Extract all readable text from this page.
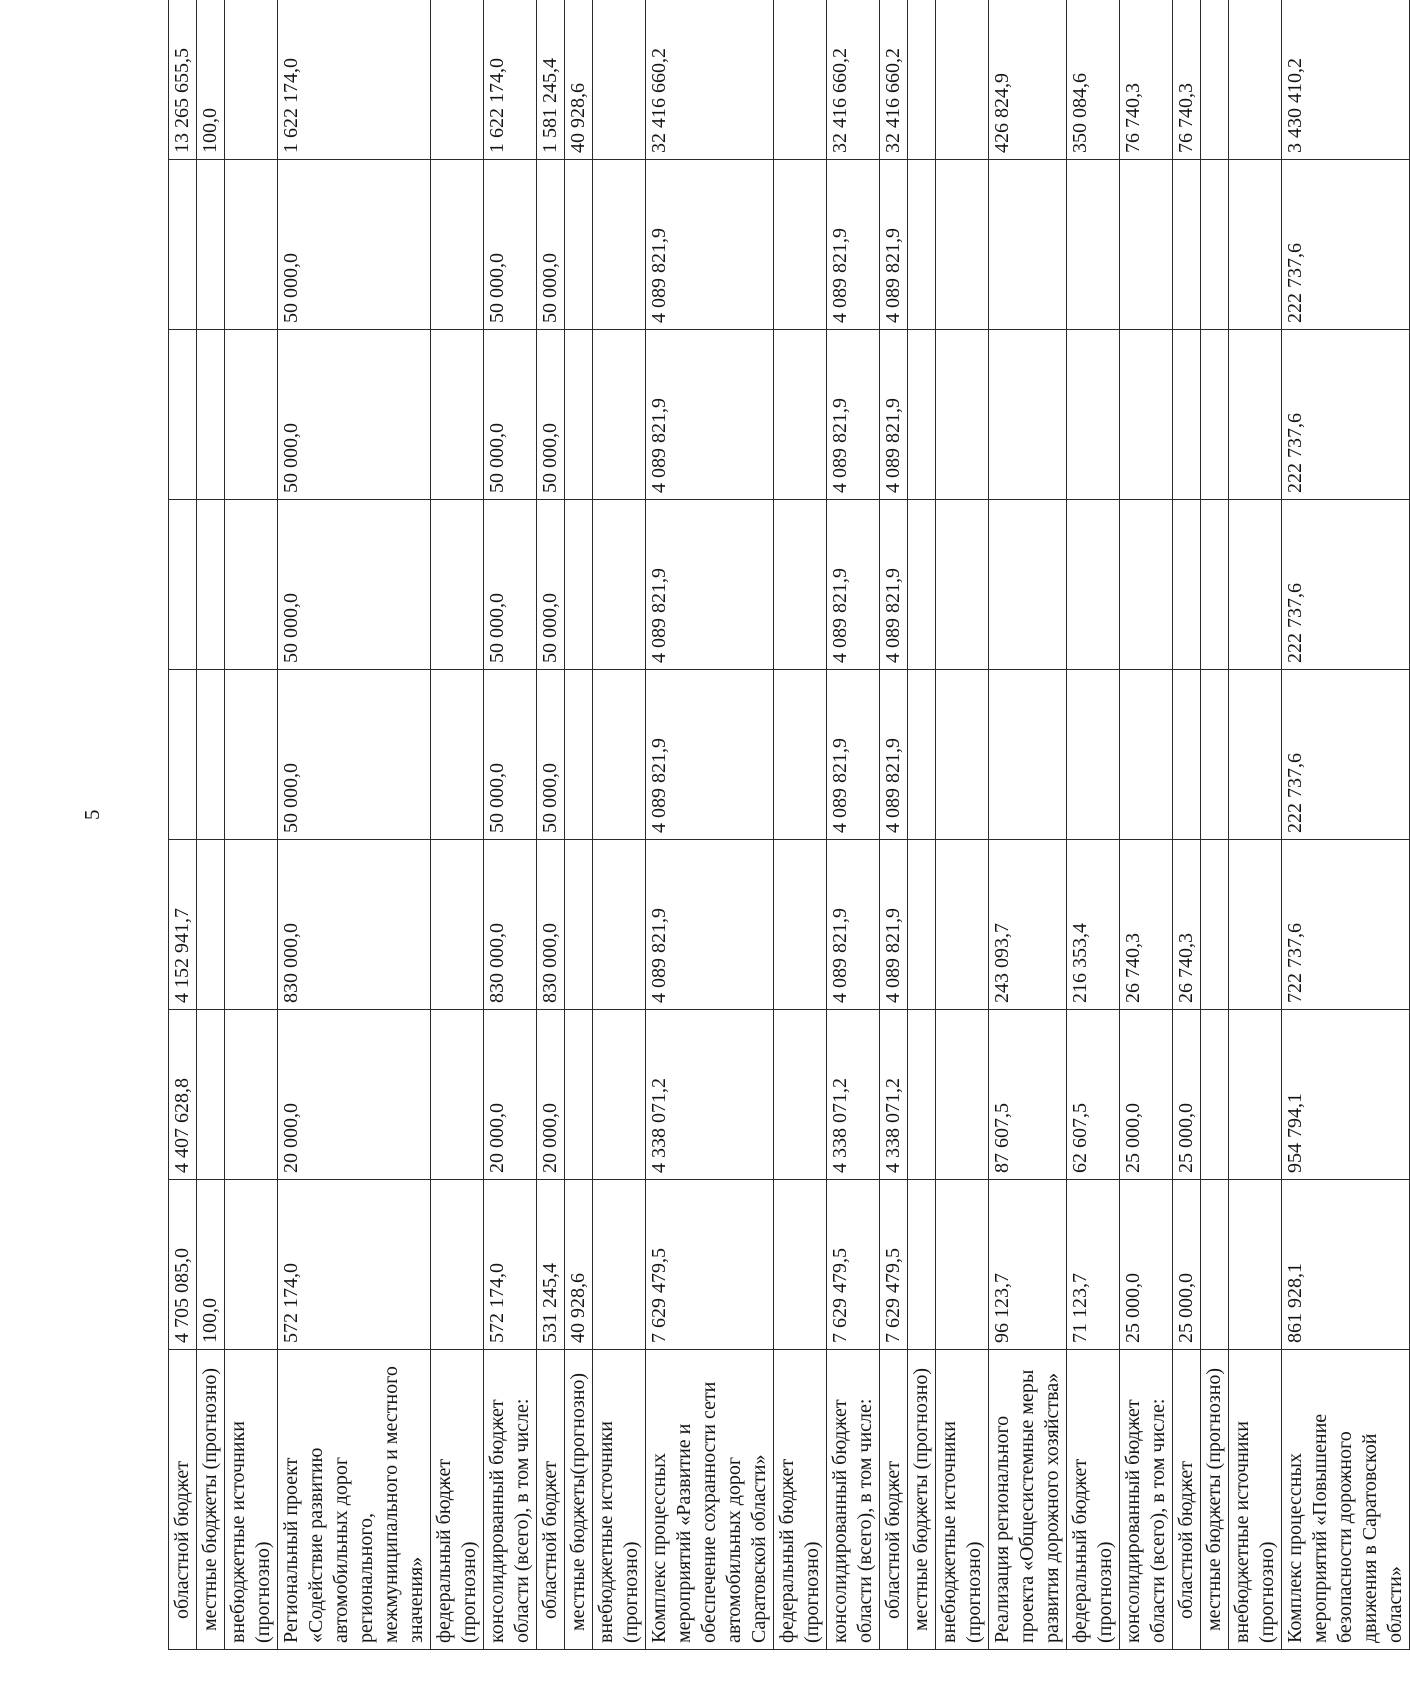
5
областной бюджет	4 705 085,0	4 407 628,8	4 152 941,7					13 265 655,5
местные бюджеты (прогнозно)	100,0							100,0
внебюджетные источники (прогнозно)								
Региональный проект «Содействие развитию автомобильных дорог регионального, межмуниципального и местного значения»	572 174,0	20 000,0	830 000,0	50 000,0	50 000,0	50 000,0	50 000,0	1 622 174,0
федеральный бюджет (прогнозно)								
консолидированный бюджет области (всего), в том числе:	572 174,0	20 000,0	830 000,0	50 000,0	50 000,0	50 000,0	50 000,0	1 622 174,0
областной бюджет	531 245,4	20 000,0	830 000,0	50 000,0	50 000,0	50 000,0	50 000,0	1 581 245,4
местные бюджеты(прогнозно)	40 928,6							40 928,6
внебюджетные источники (прогнозно)								
Комплекс процессных мероприятий «Развитие и обеспечение сохранности сети автомобильных дорог Саратовской области»	7 629 479,5	4 338 071,2	4 089 821,9	4 089 821,9	4 089 821,9	4 089 821,9	4 089 821,9	32 416 660,2
федеральный бюджет (прогнозно)								
консолидированный бюджет области (всего), в том числе:	7 629 479,5	4 338 071,2	4 089 821,9	4 089 821,9	4 089 821,9	4 089 821,9	4 089 821,9	32 416 660,2
областной бюджет	7 629 479,5	4 338 071,2	4 089 821,9	4 089 821,9	4 089 821,9	4 089 821,9	4 089 821,9	32 416 660,2
местные бюджеты (прогнозно)								
внебюджетные источники (прогнозно)								
Реализация регионального проекта «Общесистемные меры развития дорожного хозяйства»	96 123,7	87 607,5	243 093,7					426 824,9
федеральный бюджет (прогнозно)	71 123,7	62 607,5	216 353,4					350 084,6
консолидированный бюджет области (всего), в том числе:	25 000,0	25 000,0	26 740,3					76 740,3
областной бюджет	25 000,0	25 000,0	26 740,3					76 740,3
местные бюджеты (прогнозно)								
внебюджетные источники (прогнозно)								
Комплекс процессных мероприятий «Повышение безопасности дорожного движения в Саратовской области»	861 928,1	954 794,1	722 737,6	222 737,6	222 737,6	222 737,6	222 737,6	3 430 410,2
